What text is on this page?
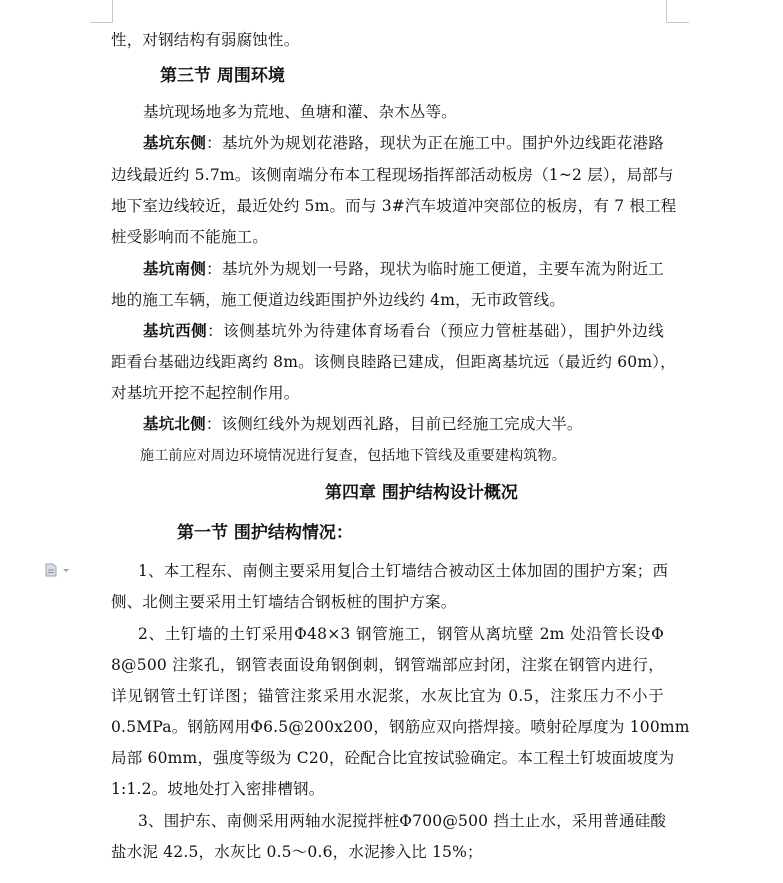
性，对钢结构有弱腐蚀性。
第三节 周围环境
基坑现场地多为荒地、鱼塘和灌、杂木丛等。
基坑东侧：基坑外为规划花港路，现状为正在施工中。围护外边线距花港路
边线最近约 5.7m。该侧南端分布本工程现场指挥部活动板房（1~2 层），局部与
地下室边线较近，最近处约 5m。而与 3#汽车坡道冲突部位的板房，有 7 根工程
桩受影响而不能施工。
基坑南侧：基坑外为规划一号路，现状为临时施工便道，主要车流为附近工
地的施工车辆，施工便道边线距围护外边线约 4m，无市政管线。
基坑西侧：该侧基坑外为待建体育场看台（预应力管桩基础），围护外边线
距看台基础边线距离约 8m。该侧良睦路已建成，但距离基坑远（最近约 60m），
对基坑开挖不起控制作用。
基坑北侧：该侧红线外为规划西礼路，目前已经施工完成大半。
施工前应对周边环境情况进行复查，包括地下管线及重要建构筑物。
第四章 围护结构设计概况
第一节 围护结构情况：
1、本工程东、南侧主要采用复 合土钉墙结合被动区土体加固的围护方案；西
侧、北侧主要采用土钉墙结合钢板桩的围护方案。
2、土钉墙的土钉采用Φ48×3 钢管施工，钢管从离坑壁 2m 处沿管长设Φ
8@500 注浆孔，钢管表面设角钢倒刺，钢管端部应封闭，注浆在钢管内进行，
详见钢管土钉详图；锚管注浆采用水泥浆，水灰比宜为 0.5，注浆压力不小于
0.5MPa。钢筋网用Φ6.5@200x200，钢筋应双向搭焊接。喷射砼厚度为 100mm
局部 60mm，强度等级为 C20，砼配合比宜按试验确定。本工程土钉坡面坡度为
1:1.2。坡地处打入密排槽钢。
3、围护东、南侧采用两轴水泥搅拌桩Φ700@500 挡土止水，采用普通硅酸
盐水泥 42.5，水灰比 0.5～0.6，水泥掺入比 15%；
